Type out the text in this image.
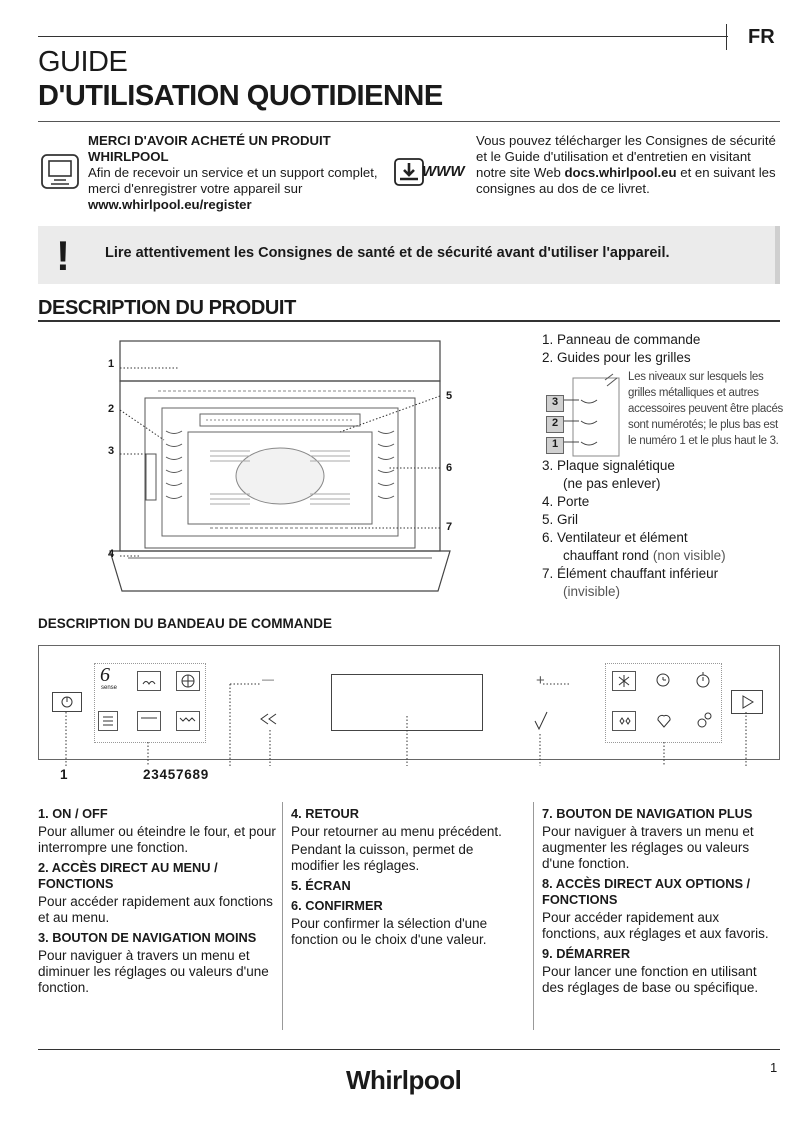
FR
GUIDE
D'UTILISATION QUOTIDIENNE
MERCI D'AVOIR ACHETÉ UN PRODUIT WHIRLPOOL
Afin de recevoir un service et un support complet, merci d'enregistrer votre appareil sur www.whirlpool.eu/register
WWW
Vous pouvez télécharger les Consignes de sécurité et le Guide d'utilisation et d'entretien en visitant notre site Web docs.whirlpool.eu et en suivant les consignes au dos de ce livret.
! Lire attentivement les Consignes de santé et de sécurité avant d'utiliser l'appareil.
DESCRIPTION DU PRODUIT
1
2
3
4
5
6
7
1. Panneau de commande
2. Guides pour les grilles
3. Plaque signalétique
(ne pas enlever)
4. Porte
5. Gril
6. Ventilateur et élément
chauffant rond (non visible)
7. Élément chauffant inférieur
(invisible)
3
2
1
Les niveaux sur lesquels les grilles métalliques et autres accessoires peuvent être placés sont numérotés; le plus bas est le numéro 1 et le plus haut le 3.
DESCRIPTION DU BANDEAU DE COMMANDE
6
sense
—	+
1	2 3 4 5 7 6 8 9
1. ON / OFF
Pour allumer ou éteindre le four, et pour interrompre une fonction.
2. ACCÈS DIRECT AU MENU / FONCTIONS
Pour accéder rapidement aux fonctions et au menu.
3. BOUTON DE NAVIGATION MOINS
Pour naviguer à travers un menu et diminuer les réglages ou valeurs d'une fonction.
4. RETOUR
Pour retourner au menu précédent.
Pendant la cuisson, permet de modifier les réglages.
5. ÉCRAN
6. CONFIRMER
Pour confirmer la sélection d'une fonction ou le choix d'une valeur.
7. BOUTON DE NAVIGATION PLUS
Pour naviguer à travers un menu et augmenter les réglages ou valeurs d'une fonction.
8. ACCÈS DIRECT AUX OPTIONS / FONCTIONS
Pour accéder rapidement aux fonctions, aux réglages et aux favoris.
9. DÉMARRER
Pour lancer une fonction en utilisant des réglages de base ou spécifique.
1
Whirlpool
